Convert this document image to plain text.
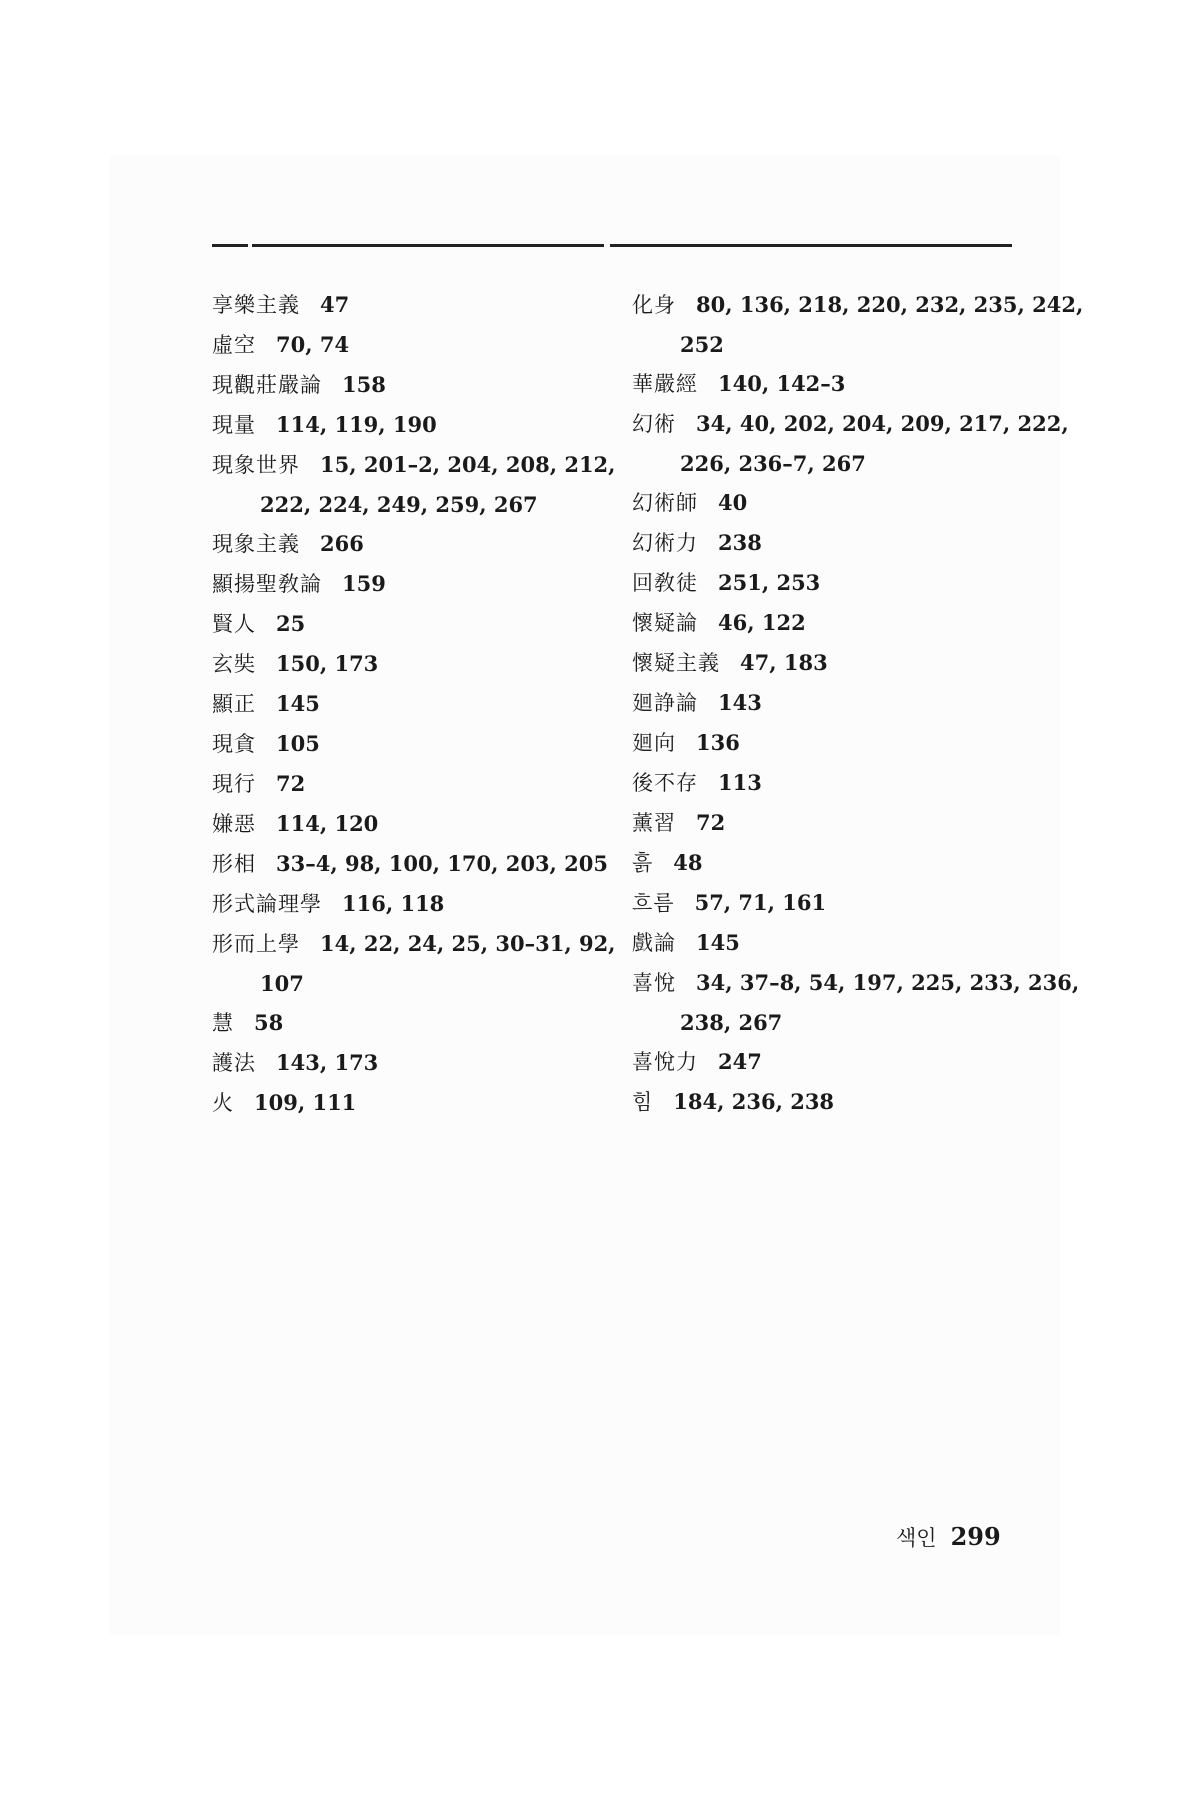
享樂主義 47
虛空 70, 74
現觀莊嚴論 158
現量 114, 119, 190
現象世界 15, 201–2, 204, 208, 212,
222, 224, 249, 259, 267
現象主義 266
顯揚聖敎論 159
賢人 25
玄奘 150, 173
顯正 145
現貪 105
現行 72
嫌惡 114, 120
形相 33–4, 98, 100, 170, 203, 205
形式論理學 116, 118
形而上學 14, 22, 24, 25, 30–31, 92,
107
慧 58
護法 143, 173
火 109, 111
化身 80, 136, 218, 220, 232, 235, 242,
252
華嚴經 140, 142–3
幻術 34, 40, 202, 204, 209, 217, 222,
226, 236–7, 267
幻術師 40
幻術力 238
回敎徒 251, 253
懷疑論 46, 122
懷疑主義 47, 183
廻諍論 143
廻向 136
後不存 113
薰習 72
흙 48
흐름 57, 71, 161
戲論 145
喜悅 34, 37–8, 54, 197, 225, 233, 236,
238, 267
喜悅力 247
힘 184, 236, 238
색인 299
